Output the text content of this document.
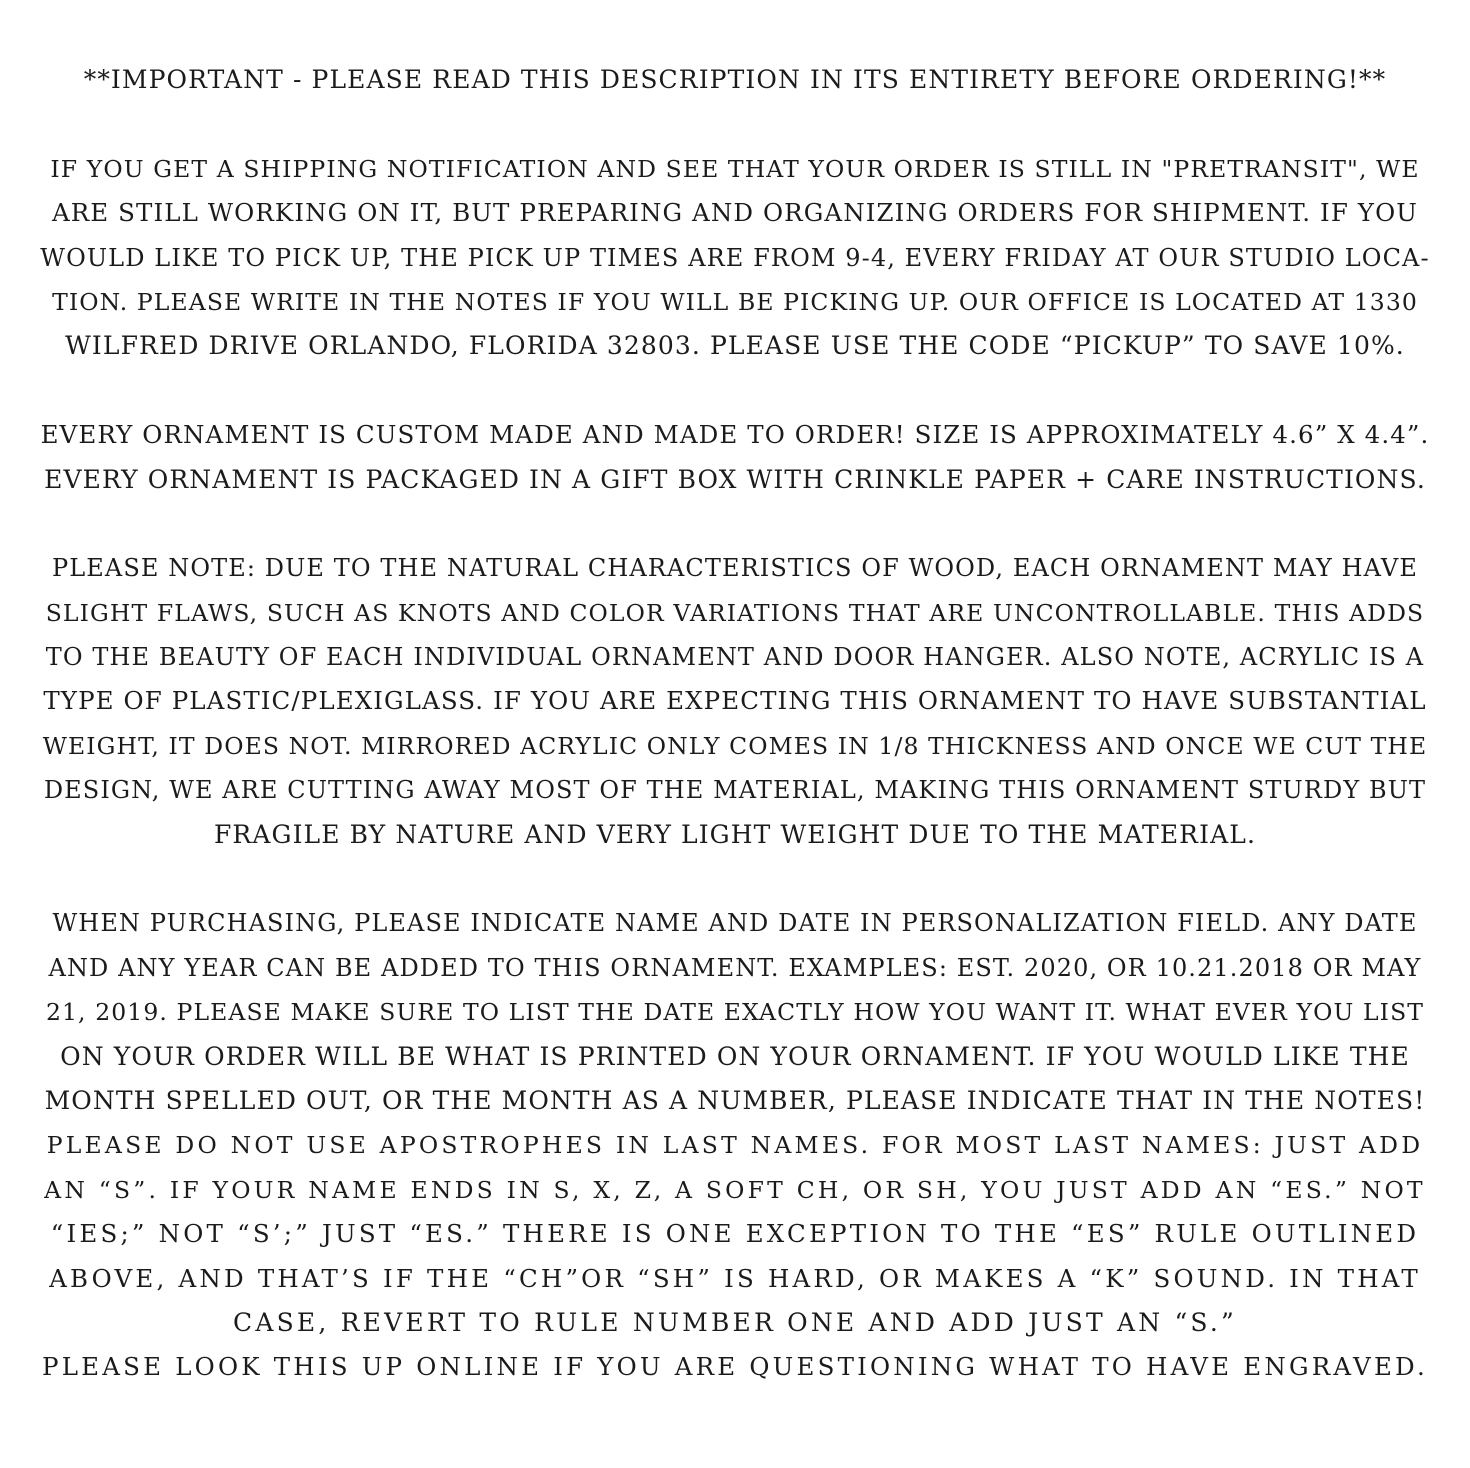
**IMPORTANT - PLEASE READ THIS DESCRIPTION IN ITS ENTIRETY BEFORE ORDERING!**
IF YOU GET A SHIPPING NOTIFICATION AND SEE THAT YOUR ORDER IS STILL IN "PRETRANSIT", WE
ARE STILL WORKING ON IT, BUT PREPARING AND ORGANIZING ORDERS FOR SHIPMENT. IF YOU
WOULD LIKE TO PICK UP, THE PICK UP TIMES ARE FROM 9-4, EVERY FRIDAY AT OUR STUDIO LOCA-
TION. PLEASE WRITE IN THE NOTES IF YOU WILL BE PICKING UP. OUR OFFICE IS LOCATED AT 1330
WILFRED DRIVE ORLANDO, FLORIDA 32803. PLEASE USE THE CODE “PICKUP” TO SAVE 10%.
EVERY ORNAMENT IS CUSTOM MADE AND MADE TO ORDER! SIZE IS APPROXIMATELY 4.6” X 4.4”.
EVERY ORNAMENT IS PACKAGED IN A GIFT BOX WITH CRINKLE PAPER + CARE INSTRUCTIONS.
PLEASE NOTE: DUE TO THE NATURAL CHARACTERISTICS OF WOOD, EACH ORNAMENT MAY HAVE
SLIGHT FLAWS, SUCH AS KNOTS AND COLOR VARIATIONS THAT ARE UNCONTROLLABLE. THIS ADDS
TO THE BEAUTY OF EACH INDIVIDUAL ORNAMENT AND DOOR HANGER. ALSO NOTE, ACRYLIC IS A
TYPE OF PLASTIC/PLEXIGLASS. IF YOU ARE EXPECTING THIS ORNAMENT TO HAVE SUBSTANTIAL
WEIGHT, IT DOES NOT. MIRRORED ACRYLIC ONLY COMES IN 1/8 THICKNESS AND ONCE WE CUT THE
DESIGN, WE ARE CUTTING AWAY MOST OF THE MATERIAL, MAKING THIS ORNAMENT STURDY BUT
FRAGILE BY NATURE AND VERY LIGHT WEIGHT DUE TO THE MATERIAL.
WHEN PURCHASING, PLEASE INDICATE NAME AND DATE IN PERSONALIZATION FIELD. ANY DATE
AND ANY YEAR CAN BE ADDED TO THIS ORNAMENT. EXAMPLES: EST. 2020, OR 10.21.2018 OR MAY
21, 2019. PLEASE MAKE SURE TO LIST THE DATE EXACTLY HOW YOU WANT IT. WHAT EVER YOU LIST
ON YOUR ORDER WILL BE WHAT IS PRINTED ON YOUR ORNAMENT. IF YOU WOULD LIKE THE
MONTH SPELLED OUT, OR THE MONTH AS A NUMBER, PLEASE INDICATE THAT IN THE NOTES!
PLEASE DO NOT USE APOSTROPHES IN LAST NAMES. FOR MOST LAST NAMES: JUST ADD
AN “S”. IF YOUR NAME ENDS IN S, X, Z, A SOFT CH, OR SH, YOU JUST ADD AN “ES.” NOT
“IES;” NOT “S’;” JUST “ES.” THERE IS ONE EXCEPTION TO THE “ES” RULE OUTLINED
ABOVE, AND THAT’S IF THE “CH”OR “SH” IS HARD, OR MAKES A “K” SOUND. IN THAT
CASE, REVERT TO RULE NUMBER ONE AND ADD JUST AN “S.”
PLEASE LOOK THIS UP ONLINE IF YOU ARE QUESTIONING WHAT TO HAVE ENGRAVED.
